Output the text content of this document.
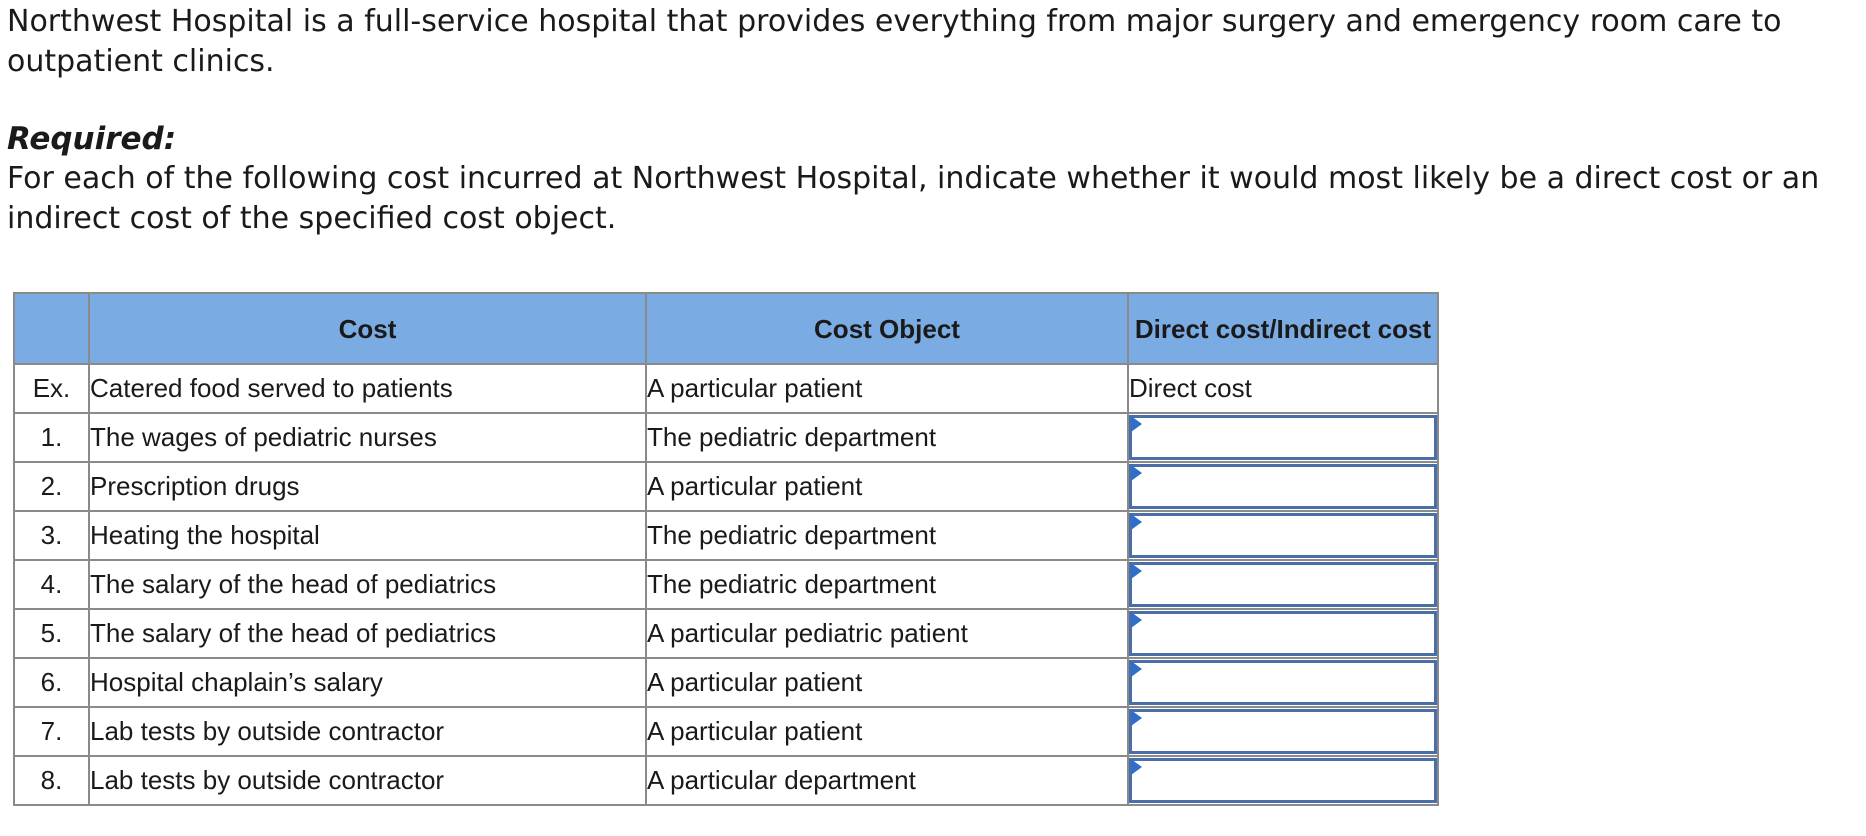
Northwest Hospital is a full-service hospital that provides everything from major surgery and emergency room care to outpatient clinics.

Required:

For each of the following cost incurred at Northwest Hospital, indicate whether it would most likely be a direct cost or an indirect cost of the specified cost object.

	Cost	Cost Object	Direct cost/Indirect cost
Ex.	Catered food served to patients	A particular patient	Direct cost
1.	The wages of pediatric nurses	The pediatric department	

2.	Prescription drugs	A particular patient	

3.	Heating the hospital	The pediatric department	

4.	The salary of the head of pediatrics	The pediatric department	

5.	The salary of the head of pediatrics	A particular pediatric patient	

6.	Hospital chaplain’s salary	A particular patient	

7.	Lab tests by outside contractor	A particular patient	

8.	Lab tests by outside contractor	A particular department	
